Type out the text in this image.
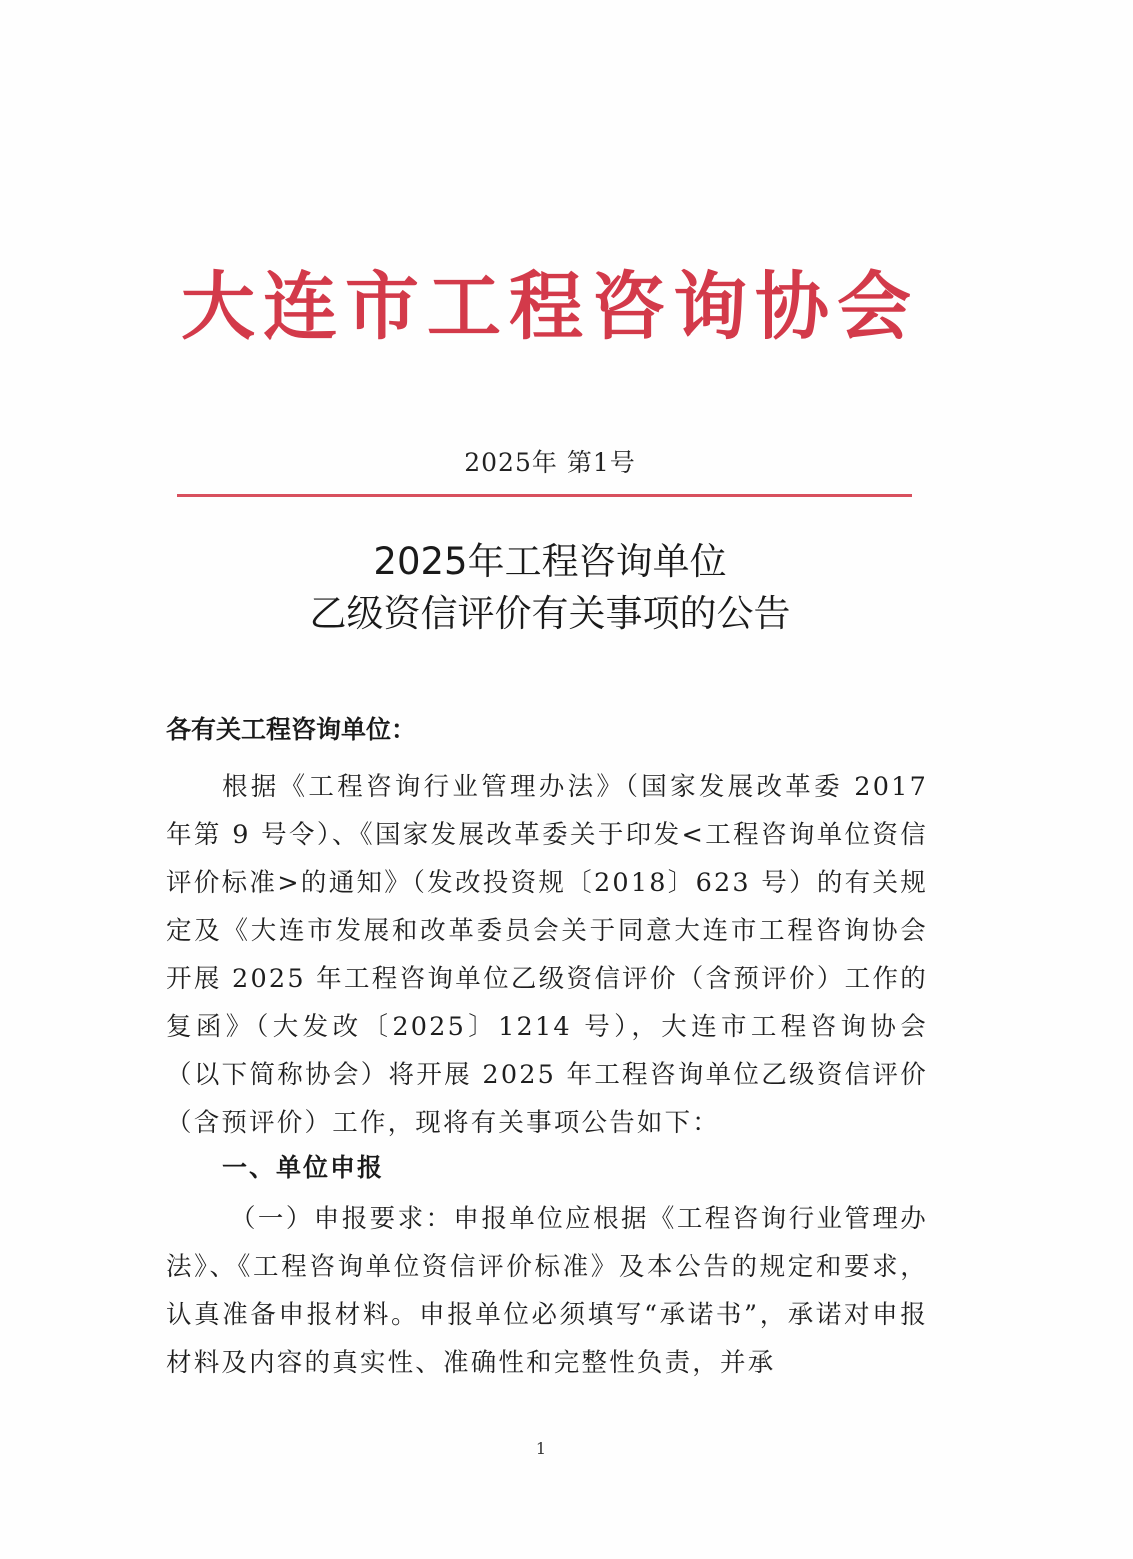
大连市工程咨询协会
2025年 第1号
2025年工程咨询单位
乙级资信评价有关事项的公告
各有关工程咨询单位：
根据《工程咨询行业管理办法》（国家发展改革委 2017年第 9 号令）、《国家发展改革委关于印发<工程咨询单位资信评价标准>的通知》（发改投资规〔2018〕623 号）的有关规定及《大连市发展和改革委员会关于同意大连市工程咨询协会开展 2025 年工程咨询单位乙级资信评价（含预评价）工作的复函》（大发改〔2025〕1214 号），大连市工程咨询协会（以下简称协会）将开展 2025 年工程咨询单位乙级资信评价（含预评价）工作，现将有关事项公告如下：
一、单位申报
（一）申报要求：申报单位应根据《工程咨询行业管理办法》、《工程咨询单位资信评价标准》及本公告的规定和要求，认真准备申报材料。申报单位必须填写“承诺书”，承诺对申报材料及内容的真实性、准确性和完整性负责，并承
1
